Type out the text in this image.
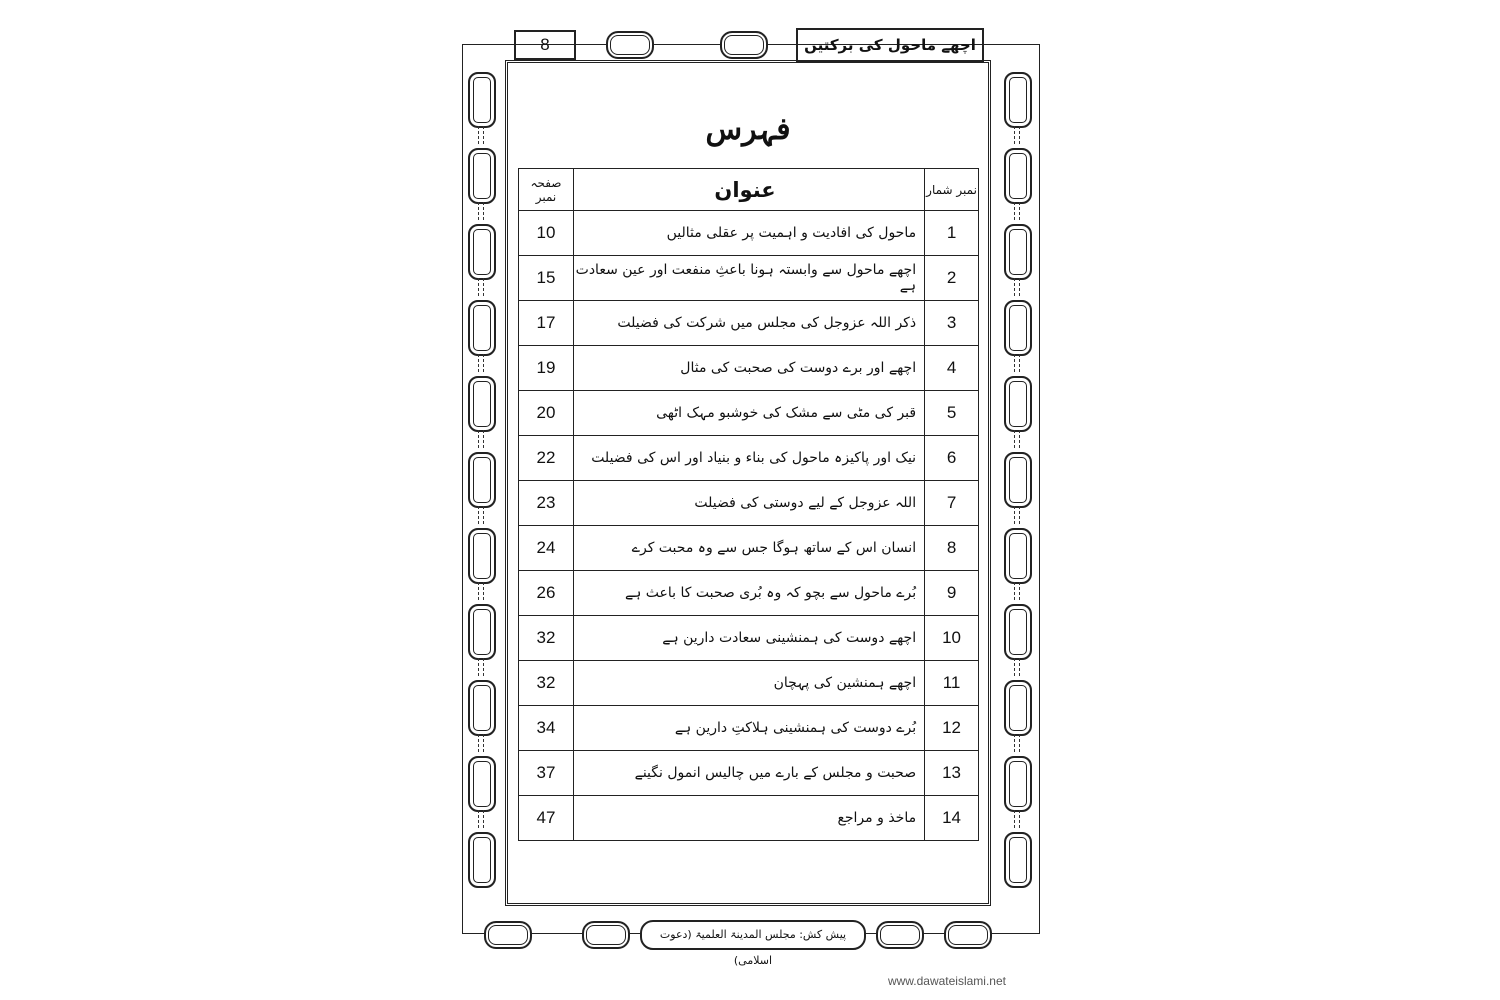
8	اچھے ماحول کی برکتیں
فہرس
نمبر شمار	عنوان	صفحہ نمبر
1	ماحول کی افادیت و اہمیت پر عقلی مثالیں	10
2	اچھے ماحول سے وابستہ ہونا باعثِ منفعت اور عین سعادت ہے	15
3	ذکر اللہ عزوجل کی مجلس میں شرکت کی فضیلت	17
4	اچھے اور برے دوست کی صحبت کی مثال	19
5	قبر کی مٹی سے مشک کی خوشبو مہک اٹھی	20
6	نیک اور پاکیزہ ماحول کی بناء و بنیاد اور اس کی فضیلت	22
7	اللہ عزوجل کے لیے دوستی کی فضیلت	23
8	انسان اس کے ساتھ ہوگا جس سے وہ محبت کرے	24
9	بُرے ماحول سے بچو کہ وہ بُری صحبت کا باعث ہے	26
10	اچھے دوست کی ہمنشینی سعادت دارین ہے	32
11	اچھے ہمنشین کی پہچان	32
12	بُرے دوست کی ہمنشینی ہلاکتِ دارین ہے	34
13	صحبت و مجلس کے بارے میں چالیس انمول نگینے	37
14	ماخذ و مراجع	47
پیش کش: مجلس المدینۃ العلمیۃ (دعوت اسلامی)
www.dawateislami.net
